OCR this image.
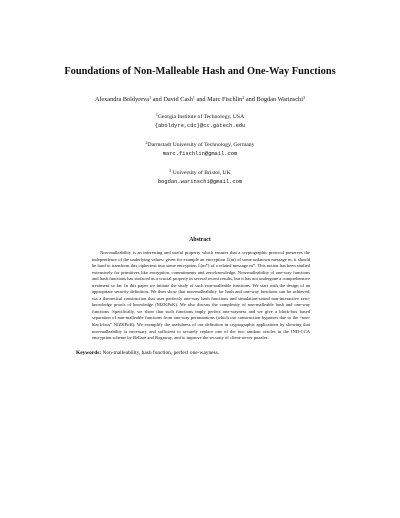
Foundations of Non-Malleable Hash and One-Way Functions
Alexandra Boldyreva$^1$ and David Cash$^1$ and Marc Fischlin$^2$ and Bogdan Warinschi$^3$
$^1$Georgia Institute of Technology, USA
{aboldyre,cdc}@cc.gatech.edu
$^2$Darmstadt University of Technology, Germany
marc.fischlin@gmail.com
$^3$ University of Bristol, UK
bogdan.warinschi@gmail.com
Abstract
Non-malleability is an interesting and useful property which ensures that a cryptographic protocol preserves the independence of the underlying values: given for example an encryption ℰ(m) of some unknown message m, it should be hard to transform this ciphertext into some encryption ℰ(m*) of a related message m*. This notion has been studied extensively for primitives like encryption, commitments and zero-knowledge. Non-malleability of one-way functions and hash functions has surfaced as a crucial property in several recent results, but it has not undergone a comprehensive treatment so far. In this paper we initiate the study of such non-malleable functions. We start with the design of an appropriate security definition. We then show that non-malleability for hash and one-way functions can be achieved, via a theoretical construction that uses perfectly one-way hash functions and simulation-sound non-interactive zero-knowledge proofs of knowledge (NIZKPoK). We also discuss the complexity of non-malleable hash and one-way functions. Specifically, we show that such functions imply perfect one-wayness and we give a black-box based separation of non-malleable functions from one-way permutations (which our construction bypasses due to the “non-black-box” NIZKPoK). We exemplify the usefulness of our definition in cryptographic applications by showing that non-malleability is necessary and sufficient to securely replace one of the two random oracles in the IND-CCA encryption scheme by Bellare and Rogaway, and to improve the security of client-server puzzles.
Keywords: Non-malleability, hash function, perfect one-wayness.
